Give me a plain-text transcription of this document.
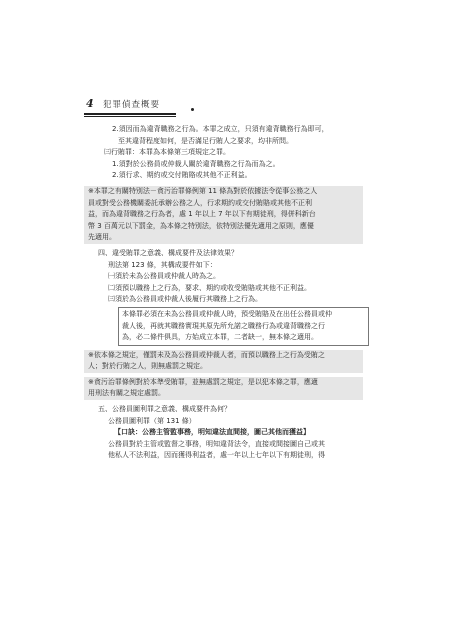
4 犯罪偵查概要
2.須因而為違背職務之行為。本罪之成立，只須有違背職務行為即可，
至其違背程度如何，是否滿足行賄人之要求，均非所問。
㈢行賄罪：本罪為本條第三項規定之罪。
1.須對於公務員或仲裁人關於違背職務之行為而為之。
2.須行求、期約或交付賄賂或其他不正利益。
※本罪之有關特別法－貪污治罪條例第 11 條為對於依據法令從事公務之人
員或對受公務機關委託承辦公務之人，行求期約或交付賄賂或其他不正利
益，而為違背職務之行為者，處 1 年以上 7 年以下有期徒刑，得併科新台
幣 3 百萬元以下罰金，為本條之特別法，依特別法優先適用之原則，應優
先適用。
四、違受賄罪之意義、構成要件及法律效果？
刑法第 123 條，其構成要件如下：
㈠須於未為公務員或仲裁人時為之。
㈡須預以職務上之行為，要求、期約或收受賄賂或其他不正利益。
㈢須於為公務員或仲裁人後履行其職務上之行為。
本條罪必須在未為公務員或仲裁人時，預受賄賂及在出任公務員或仲
裁人後，再就其職務實現其原先所允諾之職務行為或違背職務之行
為，必二條件俱具，方始成立本罪，二者缺一，無本條之適用。
※依本條之規定，僅罰未及為公務員或仲裁人者，而預以職務上之行為受賄之
人；對於行賄之人，則無處罰之規定。
※貪污治罪條例對於本準受賄罪，並無處罰之規定，是以犯本條之罪，應適
用刑法有關之規定處罰。
五、公務員圖利罪之意義、構成要件為何？
公務員圖利罪（第 131 條）
【口訣：公務主管監事務，明知違法直間接，圖己其他而獲益】
公務員對於主管或監督之事務，明知違背法令，直接或間接圖自己或其
他私人不法利益，因而獲得利益者，處一年以上七年以下有期徒刑，得
